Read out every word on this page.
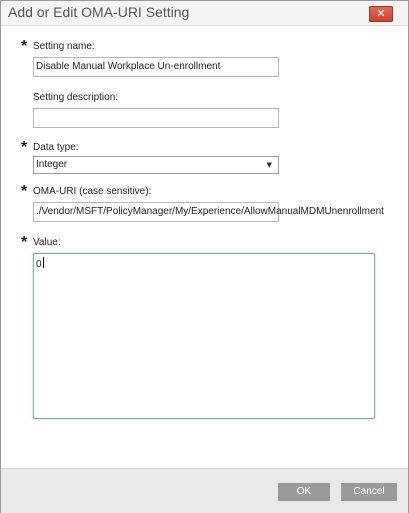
Add or Edit OMA-URI Setting	✕
* Setting name:
Disable Manual Workplace Un-enrollment
Setting description:
* Data type:
Integer	▼
* OMA-URI (case sensitive):
./Vendor/MSFT/PolicyManager/My/Experience/AllowManualMDMUnenrollment
* Value:
0
OK	Cancel
